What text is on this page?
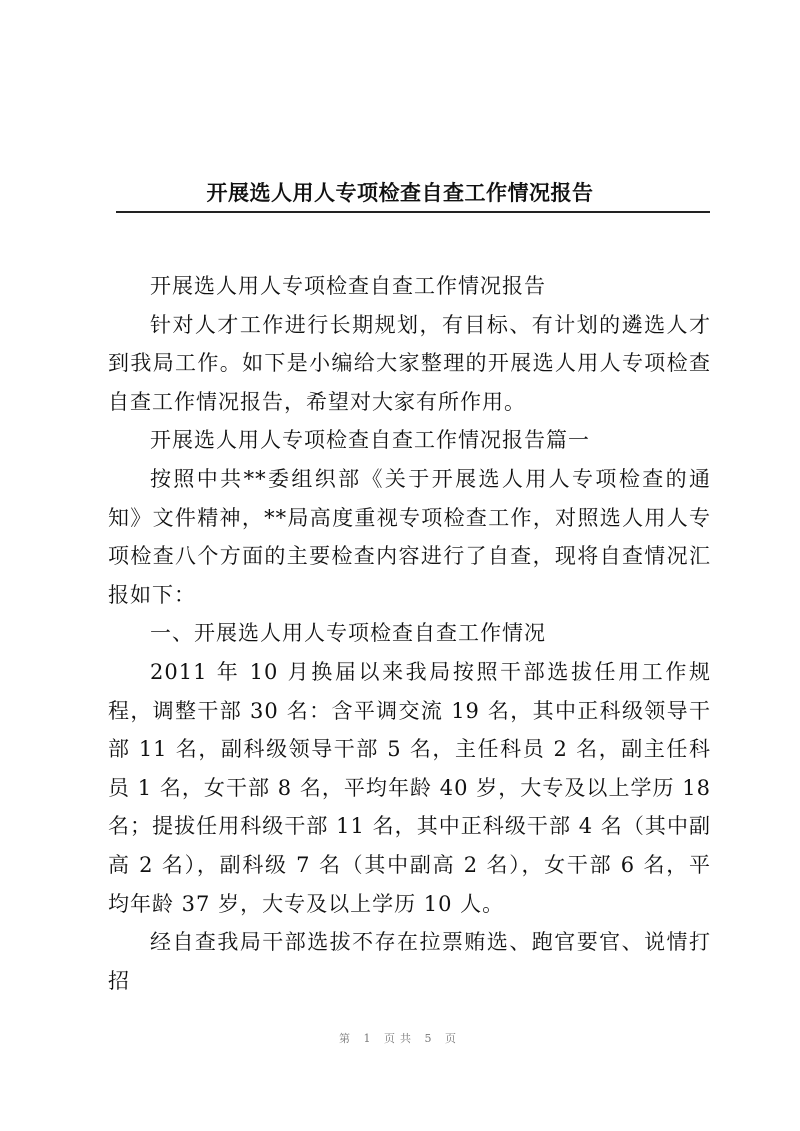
开展选人用人专项检查自查工作情况报告

开展选人用人专项检查自查工作情况报告

针对人才工作进行长期规划，有目标、有计划的遴选人才到我局工作。如下是小编给大家整理的开展选人用人专项检查自查工作情况报告，希望对大家有所作用。

开展选人用人专项检查自查工作情况报告篇一

按照中共**委组织部《关于开展选人用人专项检查的通知》文件精神，**局高度重视专项检查工作，对照选人用人专项检查八个方面的主要检查内容进行了自查，现将自查情况汇报如下：

一、开展选人用人专项检查自查工作情况

2011 年 10 月换届以来我局按照干部选拔任用工作规程，调整干部 30 名：含平调交流 19 名，其中正科级领导干部 11 名，副科级领导干部 5 名，主任科员 2 名，副主任科员 1 名，女干部 8 名，平均年龄 40 岁，大专及以上学历 18 名；提拔任用科级干部 11 名，其中正科级干部 4 名（其中副高 2 名），副科级 7 名（其中副高 2 名），女干部 6 名，平均年龄 37 岁，大专及以上学历 10 人。

经自查我局干部选拔不存在拉票贿选、跑官要官、说情打招

第 1 页共 5 页
